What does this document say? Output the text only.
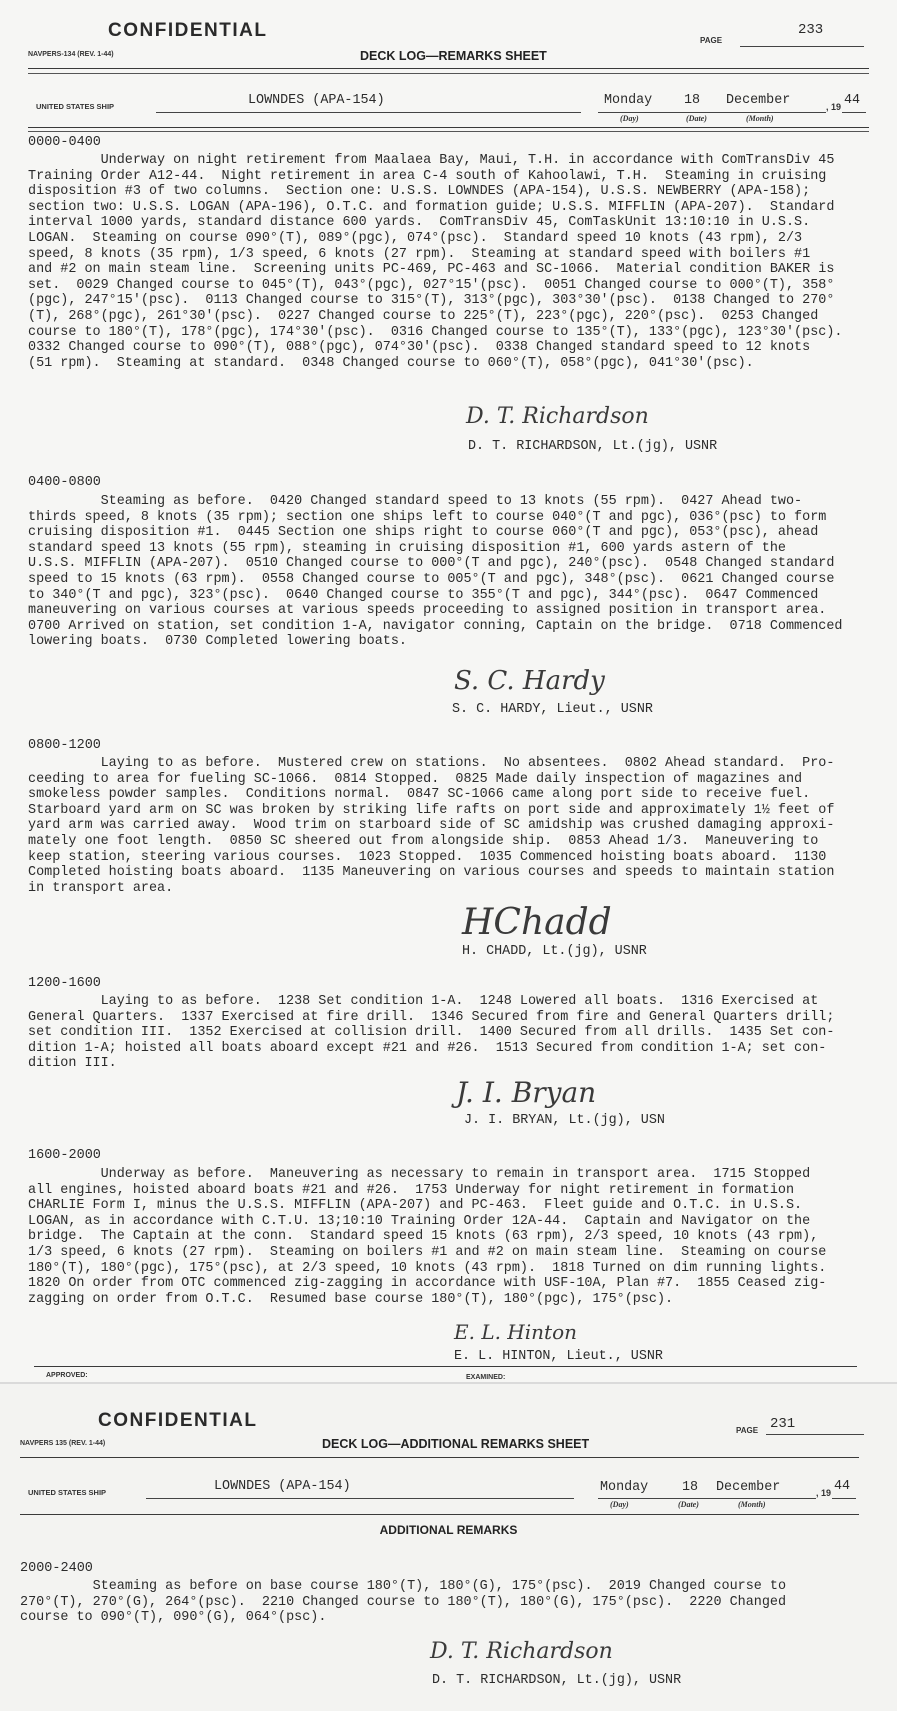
CONFIDENTIAL	PAGE
233
NAVPERS-134 (REV. 1-44)	DECK LOG—REMARKS SHEET
UNITED STATES SHIP	LOWNDES (APA-154)	Monday 18 December	, 19 44
(Day)	(Date)	(Month)
0000-0400
Underway on night retirement from Maalaea Bay, Maui, T.H. in accordance with ComTransDiv 45
Training Order A12-44.  Night retirement in area C-4 south of Kahoolawi, T.H.  Steaming in cruising
disposition #3 of two columns.  Section one: U.S.S. LOWNDES (APA-154), U.S.S. NEWBERRY (APA-158);
section two: U.S.S. LOGAN (APA-196), O.T.C. and formation guide; U.S.S. MIFFLIN (APA-207).  Standard
interval 1000 yards, standard distance 600 yards.  ComTransDiv 45, ComTaskUnit 13:10:10 in U.S.S.
LOGAN.  Steaming on course 090°(T), 089°(pgc), 074°(psc).  Standard speed 10 knots (43 rpm), 2/3
speed, 8 knots (35 rpm), 1/3 speed, 6 knots (27 rpm).  Steaming at standard speed with boilers #1
and #2 on main steam line.  Screening units PC-469, PC-463 and SC-1066.  Material condition BAKER is
set.  0029 Changed course to 045°(T), 043°(pgc), 027°15'(psc).  0051 Changed course to 000°(T), 358°
(pgc), 247°15'(psc).  0113 Changed course to 315°(T), 313°(pgc), 303°30'(psc).  0138 Changed to 270°
(T), 268°(pgc), 261°30'(psc).  0227 Changed course to 225°(T), 223°(pgc), 220°(psc).  0253 Changed
course to 180°(T), 178°(pgc), 174°30'(psc).  0316 Changed course to 135°(T), 133°(pgc), 123°30'(psc).
0332 Changed course to 090°(T), 088°(pgc), 074°30'(psc).  0338 Changed standard speed to 12 knots
(51 rpm).  Steaming at standard.  0348 Changed course to 060°(T), 058°(pgc), 041°30'(psc).
D. T. Richardson
D. T. RICHARDSON, Lt.(jg), USNR
0400-0800
Steaming as before.  0420 Changed standard speed to 13 knots (55 rpm).  0427 Ahead two-
thirds speed, 8 knots (35 rpm); section one ships left to course 040°(T and pgc), 036°(psc) to form
cruising disposition #1.  0445 Section one ships right to course 060°(T and pgc), 053°(psc), ahead
standard speed 13 knots (55 rpm), steaming in cruising disposition #1, 600 yards astern of the
U.S.S. MIFFLIN (APA-207).  0510 Changed course to 000°(T and pgc), 240°(psc).  0548 Changed standard
speed to 15 knots (63 rpm).  0558 Changed course to 005°(T and pgc), 348°(psc).  0621 Changed course
to 340°(T and pgc), 323°(psc).  0640 Changed course to 355°(T and pgc), 344°(psc).  0647 Commenced
maneuvering on various courses at various speeds proceeding to assigned position in transport area.
0700 Arrived on station, set condition 1-A, navigator conning, Captain on the bridge.  0718 Commenced
lowering boats.  0730 Completed lowering boats.
S. C. Hardy
S. C. HARDY, Lieut., USNR
0800-1200
Laying to as before.  Mustered crew on stations.  No absentees.  0802 Ahead standard.  Pro-
ceeding to area for fueling SC-1066.  0814 Stopped.  0825 Made daily inspection of magazines and
smokeless powder samples.  Conditions normal.  0847 SC-1066 came along port side to receive fuel.
Starboard yard arm on SC was broken by striking life rafts on port side and approximately 1½ feet of
yard arm was carried away.  Wood trim on starboard side of SC amidship was crushed damaging approxi-
mately one foot length.  0850 SC sheered out from alongside ship.  0853 Ahead 1/3.  Maneuvering to
keep station, steering various courses.  1023 Stopped.  1035 Commenced hoisting boats aboard.  1130
Completed hoisting boats aboard.  1135 Maneuvering on various courses and speeds to maintain station
in transport area.
HChadd
H. CHADD, Lt.(jg), USNR
1200-1600
Laying to as before.  1238 Set condition 1-A.  1248 Lowered all boats.  1316 Exercised at
General Quarters.  1337 Exercised at fire drill.  1346 Secured from fire and General Quarters drill;
set condition III.  1352 Exercised at collision drill.  1400 Secured from all drills.  1435 Set con-
dition 1-A; hoisted all boats aboard except #21 and #26.  1513 Secured from condition 1-A; set con-
dition III.
J. I. Bryan
J. I. BRYAN, Lt.(jg), USN
1600-2000
Underway as before.  Maneuvering as necessary to remain in transport area.  1715 Stopped
all engines, hoisted aboard boats #21 and #26.  1753 Underway for night retirement in formation
CHARLIE Form I, minus the U.S.S. MIFFLIN (APA-207) and PC-463.  Fleet guide and O.T.C. in U.S.S.
LOGAN, as in accordance with C.T.U. 13;10:10 Training Order 12A-44.  Captain and Navigator on the
bridge.  The Captain at the conn.  Standard speed 15 knots (63 rpm), 2/3 speed, 10 knots (43 rpm),
1/3 speed, 6 knots (27 rpm).  Steaming on boilers #1 and #2 on main steam line.  Steaming on course
180°(T), 180°(pgc), 175°(psc), at 2/3 speed, 10 knots (43 rpm).  1818 Turned on dim running lights.
1820 On order from OTC commenced zig-zagging in accordance with USF-10A, Plan #7.  1855 Ceased zig-
zagging on order from O.T.C.  Resumed base course 180°(T), 180°(pgc), 175°(psc).
E. L. Hinton
E. L. HINTON, Lieut., USNR
APPROVED:	EXAMINED:
CONFIDENTIAL	PAGE 231
NAVPERS 135 (REV. 1-44)	DECK LOG—ADDITIONAL REMARKS SHEET
UNITED STATES SHIP	LOWNDES (APA-154)	Monday	18 December	, 19 44
(Day)	(Date)	(Month)
ADDITIONAL REMARKS
2000-2400
Steaming as before on base course 180°(T), 180°(G), 175°(psc).  2019 Changed course to
270°(T), 270°(G), 264°(psc).  2210 Changed course to 180°(T), 180°(G), 175°(psc).  2220 Changed
course to 090°(T), 090°(G), 064°(psc).
D. T. Richardson
D. T. RICHARDSON, Lt.(jg), USNR
